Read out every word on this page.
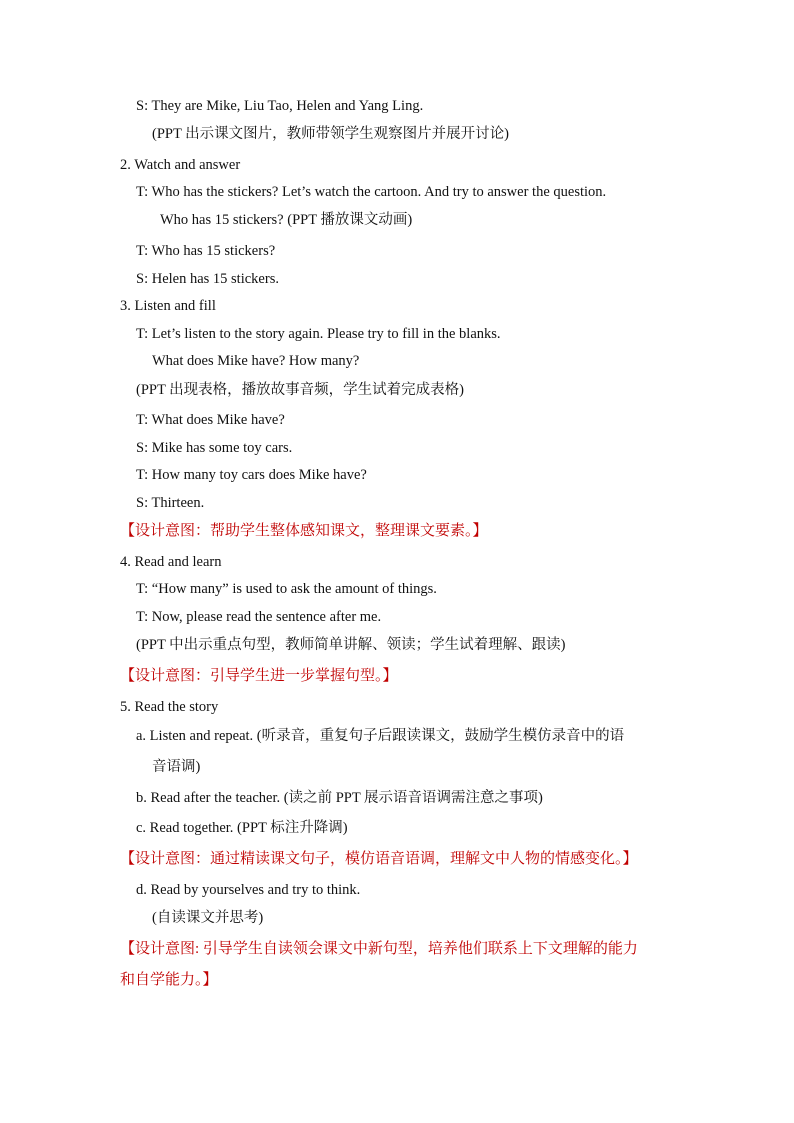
S: They are Mike, Liu Tao, Helen and Yang Ling.
(PPT 出示课文图片，教师带领学生观察图片并展开讨论)
2. Watch and answer
T: Who has the stickers? Let’s watch the cartoon. And try to answer the question.
Who has 15 stickers? (PPT 播放课文动画)
T: Who has 15 stickers?
S: Helen has 15 stickers.
3. Listen and fill
T: Let’s listen to the story again. Please try to fill in the blanks.
What does Mike have? How many?
(PPT 出现表格，播放故事音频，学生试着完成表格)
T: What does Mike have?
S: Mike has some toy cars.
T: How many toy cars does Mike have?
S: Thirteen.
【设计意图：帮助学生整体感知课文，整理课文要素。】
4. Read and learn
T: “How many” is used to ask the amount of things.
T: Now, please read the sentence after me.
(PPT 中出示重点句型，教师简单讲解、领读；学生试着理解、跟读)
【设计意图：引导学生进一步掌握句型。】
5. Read the story
a. Listen and repeat. (听录音，重复句子后跟读课文，鼓励学生模仿录音中的语
音语调)
b. Read after the teacher. (读之前 PPT 展示语音语调需注意之事项)
c. Read together. (PPT 标注升降调)
【设计意图：通过精读课文句子，模仿语音语调，理解文中人物的情感变化。】
d. Read by yourselves and try to think.
(自读课文并思考)
【设计意图: 引导学生自读领会课文中新句型，培养他们联系上下文理解的能力
和自学能力。】
